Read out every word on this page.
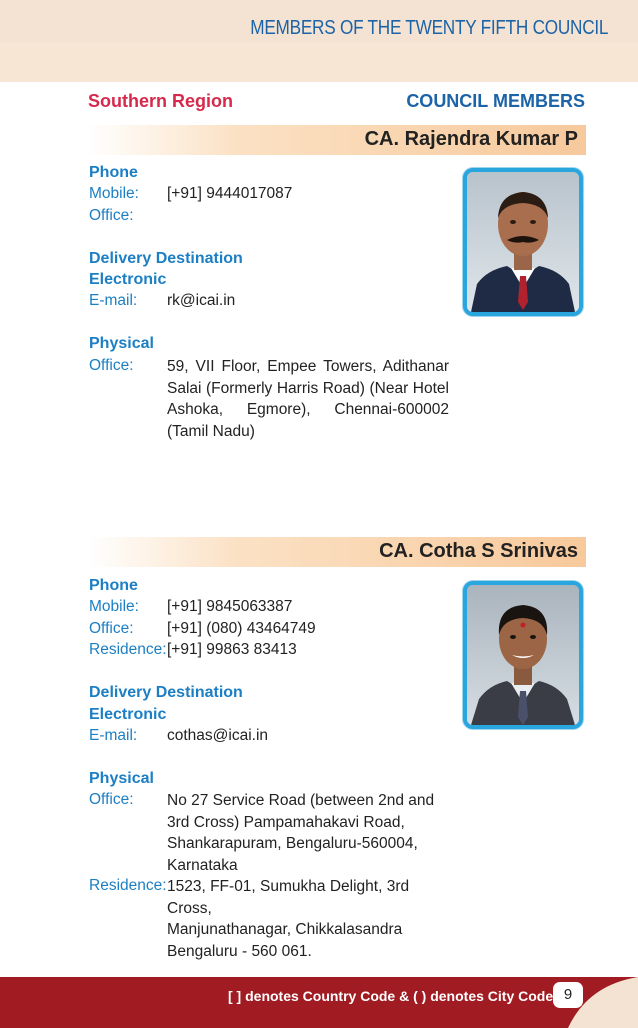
MEMBERS OF THE TWENTY FIFTH COUNCIL
Southern Region	COUNCIL MEMBERS
CA. Rajendra Kumar P
Phone
Mobile: [+91] 9444017087
Office:
Delivery Destination
Electronic
E-mail: rk@icai.in
Physical
Office: 59, VII Floor, Empee Towers, Adithanar Salai (Formerly Harris Road) (Near Hotel Ashoka, Egmore), Chennai-600002 (Tamil Nadu)
CA. Cotha S Srinivas
Phone
Mobile: [+91] 9845063387
Office: [+91] (080) 43464749
Residence: [+91] 99863 83413
Delivery Destination
Electronic
E-mail: cothas@icai.in
Physical
Office: No 27 Service Road (between 2nd and
3rd Cross) Pampamahakavi Road,
Shankarapuram, Bengaluru-560004,
Karnataka
Residence: 1523, FF-01, Sumukha Delight, 3rd Cross,
Manjunathanagar, Chikkalasandra
Bengaluru - 560 061.
[ ] denotes Country Code & ( ) denotes City Code 9
